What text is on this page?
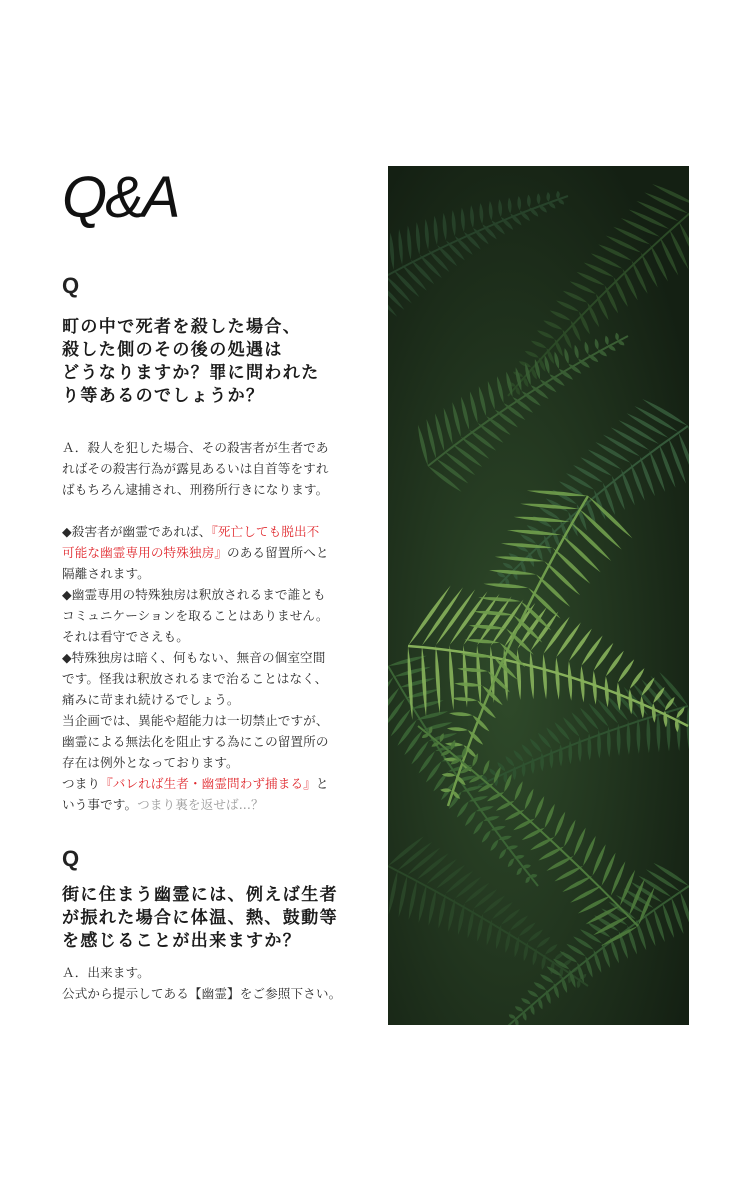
Q&A
Q
町の中で死者を殺した場合、
殺した側のその後の処遇は
どうなりますか？罪に問われた
り等あるのでしょうか？

Ａ．殺人を犯した場合、その殺害者が生者であ

ればその殺害行為が露見あるいは自首等をすれ

ばもちろん逮捕され、刑務所行きになります。

◆殺害者が幽霊であれば、『死亡しても脱出不

可能な幽霊専用の特殊独房』のある留置所へと

隔離されます。

◆幽霊専用の特殊独房は釈放されるまで誰とも

コミュニケーションを取ることはありません。

それは看守でさえも。

◆特殊独房は暗く、何もない、無音の個室空間

です。怪我は釈放されるまで治ることはなく、

痛みに苛まれ続けるでしょう。

当企画では、異能や超能力は一切禁止ですが、

幽霊による無法化を阻止する為にこの留置所の

存在は例外となっております。

つまり『バレれば生者・幽霊問わず捕まる』と

いう事です。つまり裏を返せば...？

Q
街に住まう幽霊には、例えば生者
が振れた場合に体温、熱、鼓動等
を感じることが出来ますか？

Ａ．出来ます。

公式から提示してある【幽霊】をご参照下さい。
